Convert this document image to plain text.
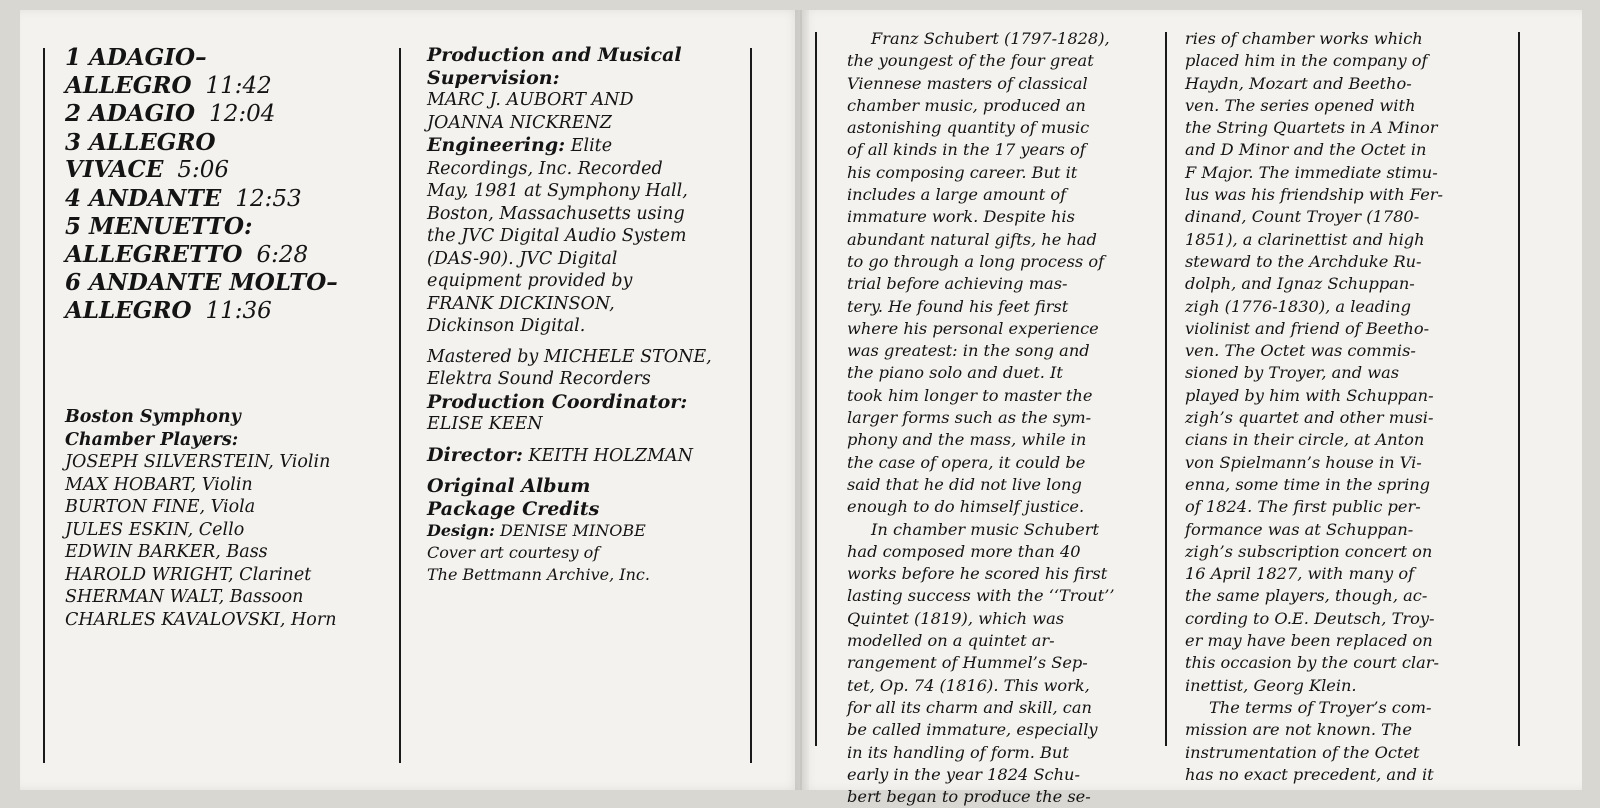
1 ADAGIO–
ALLEGRO 11:42
2 ADAGIO 12:04
3 ALLEGRO
VIVACE 5:06
4 ANDANTE 12:53
5 MENUETTO:
ALLEGRETTO 6:28
6 ANDANTE MOLTO–
ALLEGRO 11:36
Boston Symphony
Chamber Players:
JOSEPH SILVERSTEIN, Violin
MAX HOBART, Violin
BURTON FINE, Viola
JULES ESKIN, Cello
EDWIN BARKER, Bass
HAROLD WRIGHT, Clarinet
SHERMAN WALT, Bassoon
CHARLES KAVALOVSKI, Horn
Production and Musical
Supervision:
MARC J. AUBORT AND
JOANNA NICKRENZ
Engineering: Elite
Recordings, Inc. Recorded
May, 1981 at Symphony Hall,
Boston, Massachusetts using
the JVC Digital Audio System
(DAS-90). JVC Digital
equipment provided by
FRANK DICKINSON,
Dickinson Digital.
Mastered by MICHELE STONE,
Elektra Sound Recorders
Production Coordinator:
ELISE KEEN
Director: KEITH HOLZMAN
Original Album
Package Credits
Design: DENISE MINOBE
Cover art courtesy of
The Bettmann Archive, Inc.
Franz Schubert (1797-1828),
the youngest of the four great
Viennese masters of classical
chamber music, produced an
astonishing quantity of music
of all kinds in the 17 years of
his composing career. But it
includes a large amount of
immature work. Despite his
abundant natural gifts, he had
to go through a long process of
trial before achieving mas-
tery. He found his feet first
where his personal experience
was greatest: in the song and
the piano solo and duet. It
took him longer to master the
larger forms such as the sym-
phony and the mass, while in
the case of opera, it could be
said that he did not live long
enough to do himself justice.
In chamber music Schubert
had composed more than 40
works before he scored his first
lasting success with the ‘‘Trout’’
Quintet (1819), which was
modelled on a quintet ar-
rangement of Hummel’s Sep-
tet, Op. 74 (1816). This work,
for all its charm and skill, can
be called immature, especially
in its handling of form. But
early in the year 1824 Schu-
bert began to produce the se-
ries of chamber works which
placed him in the company of
Haydn, Mozart and Beetho-
ven. The series opened with
the String Quartets in A Minor
and D Minor and the Octet in
F Major. The immediate stimu-
lus was his friendship with Fer-
dinand, Count Troyer (1780-
1851), a clarinettist and high
steward to the Archduke Ru-
dolph, and Ignaz Schuppan-
zigh (1776-1830), a leading
violinist and friend of Beetho-
ven. The Octet was commis-
sioned by Troyer, and was
played by him with Schuppan-
zigh’s quartet and other musi-
cians in their circle, at Anton
von Spielmann’s house in Vi-
enna, some time in the spring
of 1824. The first public per-
formance was at Schuppan-
zigh’s subscription concert on
16 April 1827, with many of
the same players, though, ac-
cording to O.E. Deutsch, Troy-
er may have been replaced on
this occasion by the court clar-
inettist, Georg Klein.
The terms of Troyer’s com-
mission are not known. The
instrumentation of the Octet
has no exact precedent, and it
